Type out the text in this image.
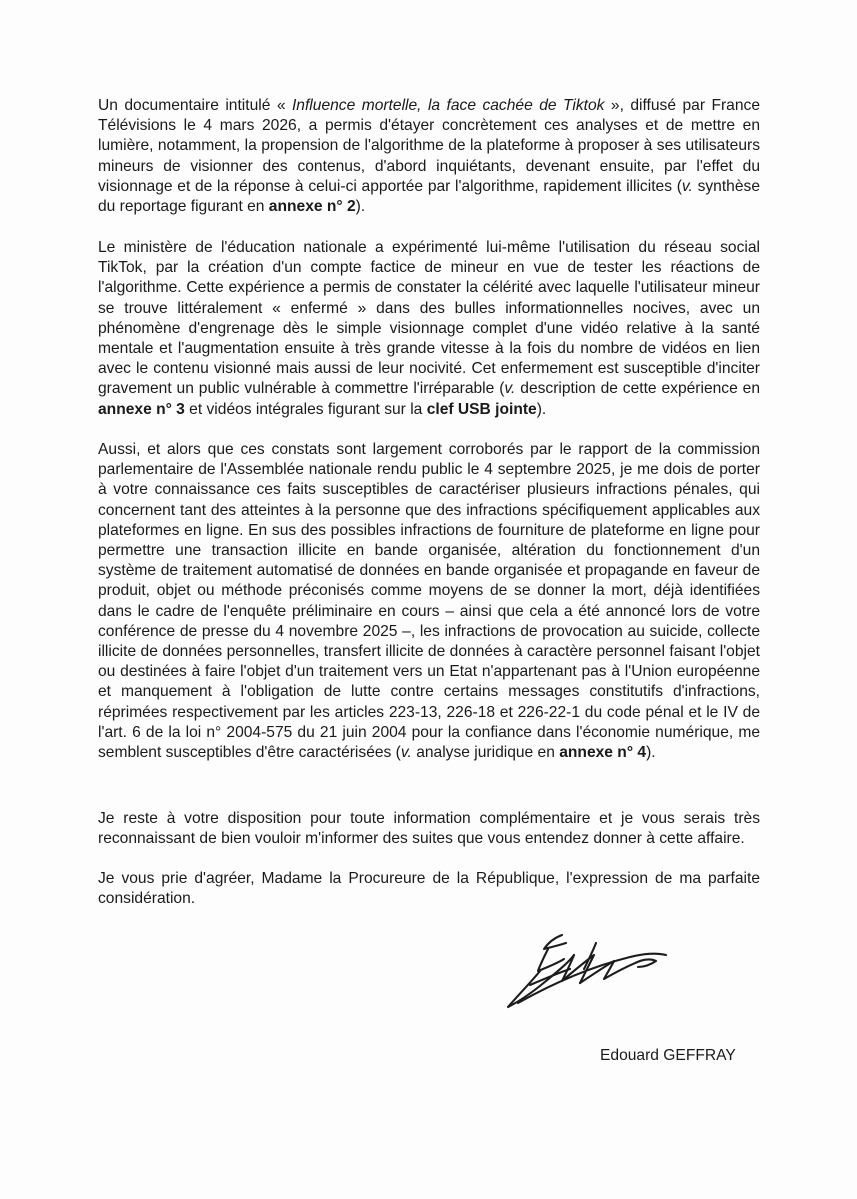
Un documentaire intitulé « Influence mortelle, la face cachée de Tiktok », diffusé par France Télévisions le 4 mars 2026, a permis d'étayer concrètement ces analyses et de mettre en lumière, notamment, la propension de l'algorithme de la plateforme à proposer à ses utilisateurs mineurs de visionner des contenus, d'abord inquiétants, devenant ensuite, par l'effet du visionnage et de la réponse à celui-ci apportée par l'algorithme, rapidement illicites (v. synthèse du reportage figurant en annexe n° 2).

Le ministère de l'éducation nationale a expérimenté lui-même l'utilisation du réseau social TikTok, par la création d'un compte factice de mineur en vue de tester les réactions de l'algorithme. Cette expérience a permis de constater la célérité avec laquelle l'utilisateur mineur se trouve littéralement « enfermé » dans des bulles informationnelles nocives, avec un phénomène d'engrenage dès le simple visionnage complet d'une vidéo relative à la santé mentale et l'augmentation ensuite à très grande vitesse à la fois du nombre de vidéos en lien avec le contenu visionné mais aussi de leur nocivité. Cet enfermement est susceptible d'inciter gravement un public vulnérable à commettre l'irréparable (v. description de cette expérience en annexe n° 3 et vidéos intégrales figurant sur la clef USB jointe).

Aussi, et alors que ces constats sont largement corroborés par le rapport de la commission parlementaire de l'Assemblée nationale rendu public le 4 septembre 2025, je me dois de porter à votre connaissance ces faits susceptibles de caractériser plusieurs infractions pénales, qui concernent tant des atteintes à la personne que des infractions spécifiquement applicables aux plateformes en ligne. En sus des possibles infractions de fourniture de plateforme en ligne pour permettre une transaction illicite en bande organisée, altération du fonctionnement d'un système de traitement automatisé de données en bande organisée et propagande en faveur de produit, objet ou méthode préconisés comme moyens de se donner la mort, déjà identifiées dans le cadre de l'enquête préliminaire en cours – ainsi que cela a été annoncé lors de votre conférence de presse du 4 novembre 2025 –, les infractions de provocation au suicide, collecte illicite de données personnelles, transfert illicite de données à caractère personnel faisant l'objet ou destinées à faire l'objet d'un traitement vers un Etat n'appartenant pas à l'Union européenne et manquement à l'obligation de lutte contre certains messages constitutifs d'infractions, réprimées respectivement par les articles 223-13, 226-18 et 226-22-1 du code pénal et le IV de l'art. 6 de la loi n° 2004-575 du 21 juin 2004 pour la confiance dans l'économie numérique, me semblent susceptibles d'être caractérisées (v. analyse juridique en annexe n° 4).

Je reste à votre disposition pour toute information complémentaire et je vous serais très reconnaissant de bien vouloir m'informer des suites que vous entendez donner à cette affaire.

Je vous prie d'agréer, Madame la Procureure de la République, l'expression de ma parfaite considération.

Edouard GEFFRAY
